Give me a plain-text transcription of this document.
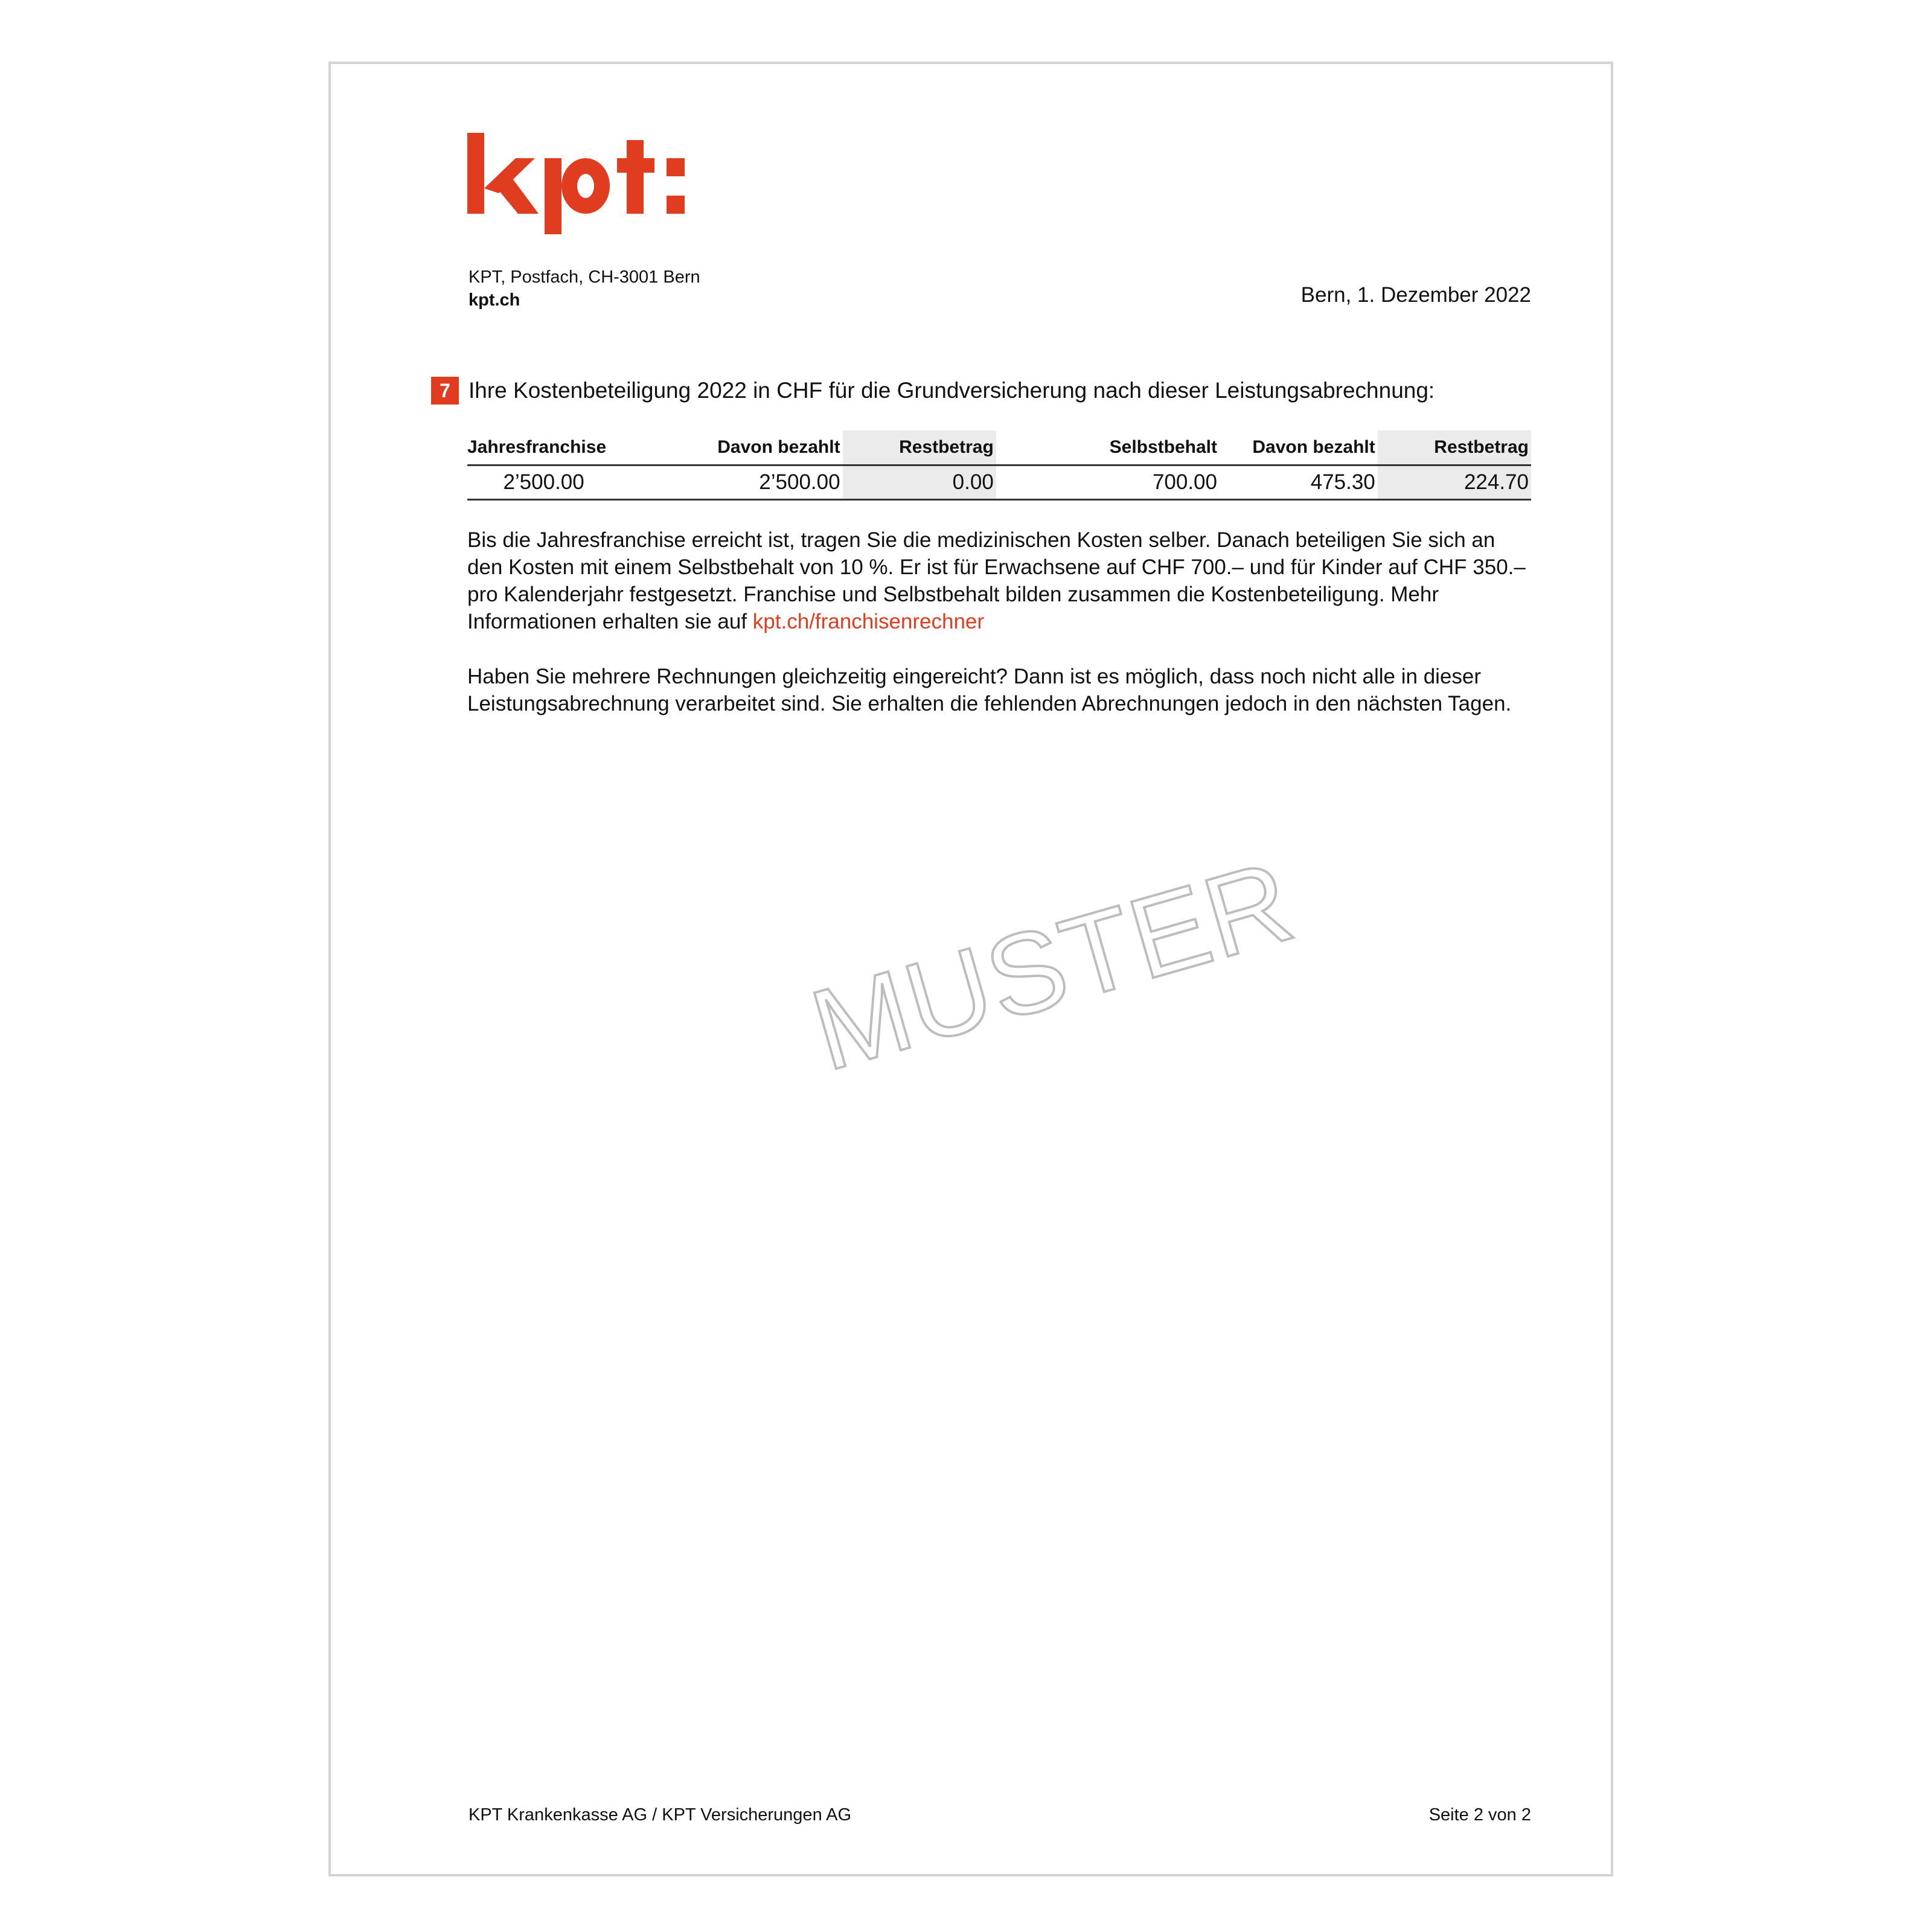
KPT, Postfach, CH-3001 Bern
kpt.ch	Bern, 1. Dezember 2022
7 Ihre Kostenbeteiligung 2022 in CHF für die Grundversicherung nach dieser Leistungsabrechnung:
Jahresfranchise	Davon bezahlt	Restbetrag	Selbstbehalt	Davon bezahlt	Restbetrag
2’500.00	2’500.00	0.00	700.00	475.30	224.70

Bis die Jahresfranchise erreicht ist, tragen Sie die medizinischen Kosten selber. Danach beteiligen Sie sich an den Kosten mit einem Selbstbehalt von 10 %. Er ist für Erwachsene auf CHF 700.– und für Kinder auf CHF 350.– pro Kalenderjahr festgesetzt. Franchise und Selbstbehalt bilden zusammen die Kostenbeteiligung. Mehr Informationen erhalten sie auf kpt.ch/franchisenrechner

Haben Sie mehrere Rechnungen gleichzeitig eingereicht? Dann ist es möglich, dass noch nicht alle in dieser Leistungsabrechnung verarbeitet sind. Sie erhalten die fehlenden Abrechnungen jedoch in den nächsten Tagen.

MUSTER
KPT Krankenkasse AG / KPT Versicherungen AG	Seite 2 von 2
